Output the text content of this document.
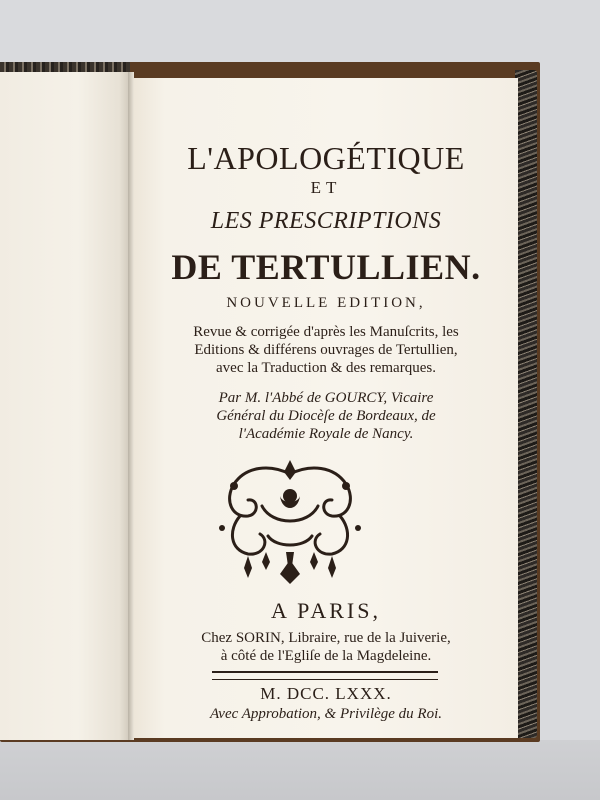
L'APOLOGÉTIQUE
ET
LES PRESCRIPTIONS
DE TERTULLIEN.
NOUVELLE EDITION,
Revue & corrigée d'après les Manuſcrits, les
Editions & différens ouvrages de Tertullien,
avec la Traduction & des remarques.
Par M. l'Abbé de GOURCY, Vicaire
Général du Diocèſe de Bordeaux, de
l'Académie Royale de Nancy.
A PARIS,
Chez SORIN, Libraire, rue de la Juiverie,
à côté de l'Egliſe de la Magdeleine.
M. DCC. LXXX.
Avec Approbation, & Privilège du Roi.
